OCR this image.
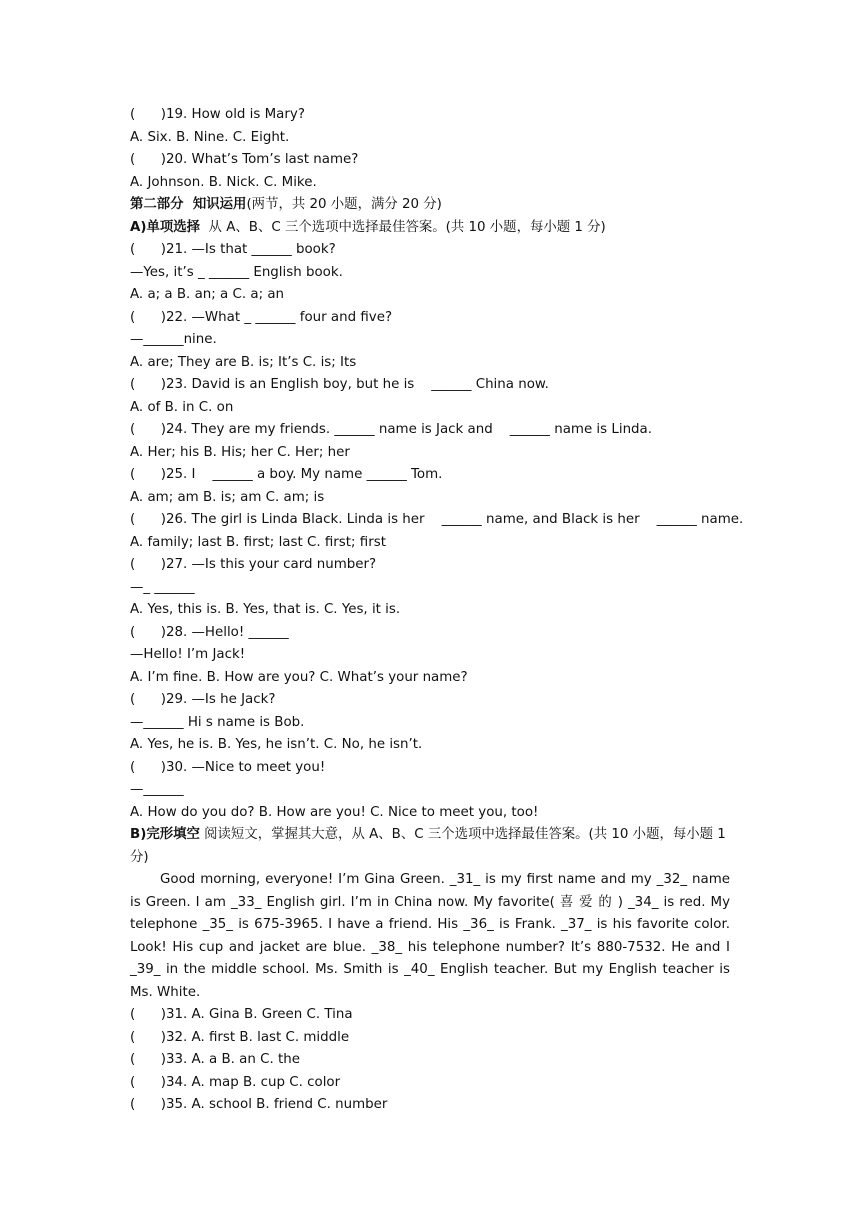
(      )19. How old is Mary?
A. Six. B. Nine. C. Eight.
(      )20. What’s Tom’s last name?
A. Johnson. B. Nick. C. Mike.
第二部分  知识运用(两节，共 20 小题，满分 20 分)
A)单项选择  从 A、B、C 三个选项中选择最佳答案。(共 10 小题，每小题 1 分)
(      )21. —Is that ______ book?
—Yes, it’s _ ______ English book.
A. a; a B. an; a C. a; an
(      )22. —What _ ______ four and five?
—______nine.
A. are; They are B. is; It’s C. is; Its
(      )23. David is an English boy, but he is    ______ China now.
A. of B. in C. on
(      )24. They are my friends. ______ name is Jack and    ______ name is Linda.
A. Her; his B. His; her C. Her; her
(      )25. I    ______ a boy. My name ______ Tom.
A. am; am B. is; am C. am; is
(      )26. The girl is Linda Black. Linda is her    ______ name, and Black is her    ______ name.
A. family; last B. first; last C. first; first
(      )27. —Is this your card number?
—_ ______
A. Yes, this is. B. Yes, that is. C. Yes, it is.
(      )28. —Hello! ______
—Hello! I’m Jack!
A. I’m fine. B. How are you? C. What’s your name?
(      )29. —Is he Jack?
—______ Hi s name is Bob.
A. Yes, he is. B. Yes, he isn’t. C. No, he isn’t.
(      )30. —Nice to meet you!
—______
A. How do you do? B. How are you! C. Nice to meet you, too!
B)完形填空 阅读短文，掌握其大意，从 A、B、C 三个选项中选择最佳答案。(共 10 小题，每小题 1 分)
Good morning, everyone! I’m Gina Green. _31_ is my first name and my _32_ name is Green. I am _33_ English girl. I’m in China now. My favorite( 喜 爱 的 ) _34_ is red. My telephone _35_ is 675-3965. I have a friend. His _36_ is Frank. _37_ is his favorite color. Look! His cup and jacket are blue. _38_ his telephone number? It’s 880-7532. He and I _39_ in the middle school. Ms. Smith is _40_ English teacher. But my English teacher is Ms. White.
(      )31. A. Gina B. Green C. Tina
(      )32. A. first B. last C. middle
(      )33. A. a B. an C. the
(      )34. A. map B. cup C. color
(      )35. A. school B. friend C. number
